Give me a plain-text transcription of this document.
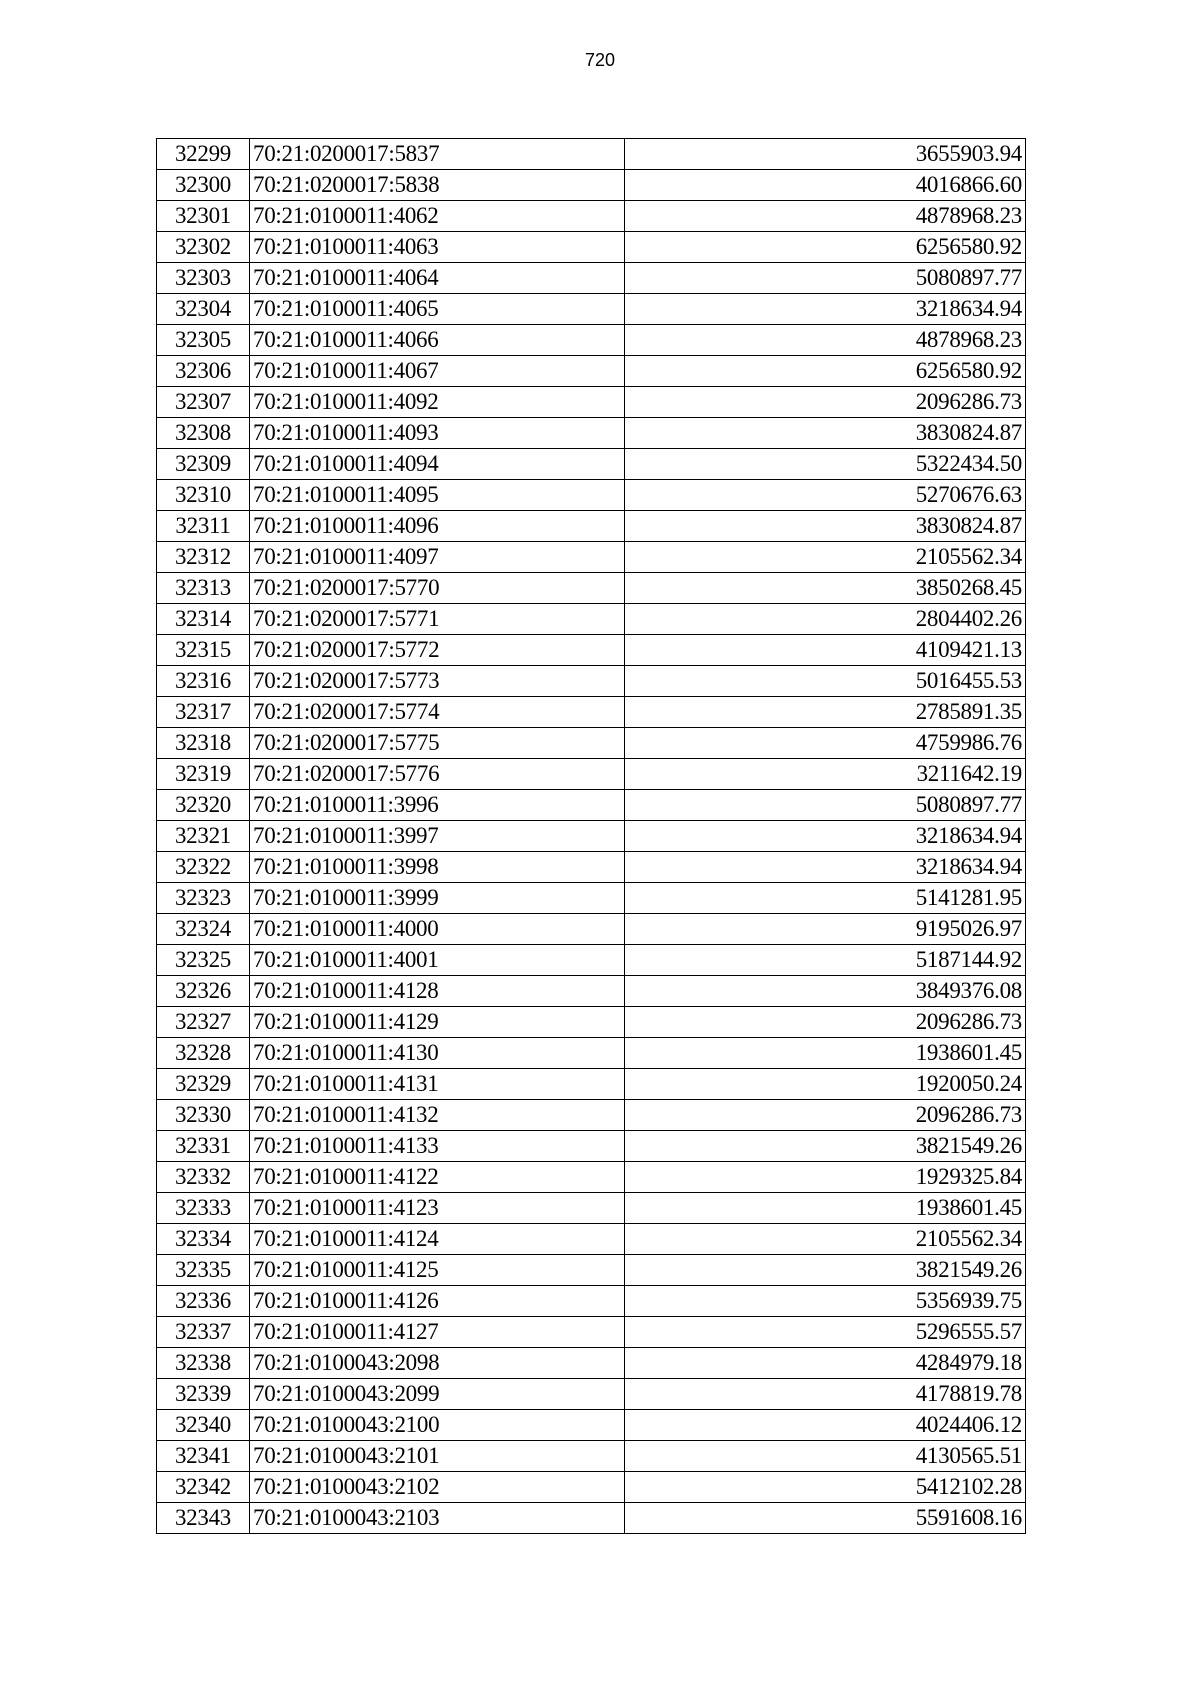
720
32299	70:21:0200017:5837	3655903.94
32300	70:21:0200017:5838	4016866.60
32301	70:21:0100011:4062	4878968.23
32302	70:21:0100011:4063	6256580.92
32303	70:21:0100011:4064	5080897.77
32304	70:21:0100011:4065	3218634.94
32305	70:21:0100011:4066	4878968.23
32306	70:21:0100011:4067	6256580.92
32307	70:21:0100011:4092	2096286.73
32308	70:21:0100011:4093	3830824.87
32309	70:21:0100011:4094	5322434.50
32310	70:21:0100011:4095	5270676.63
32311	70:21:0100011:4096	3830824.87
32312	70:21:0100011:4097	2105562.34
32313	70:21:0200017:5770	3850268.45
32314	70:21:0200017:5771	2804402.26
32315	70:21:0200017:5772	4109421.13
32316	70:21:0200017:5773	5016455.53
32317	70:21:0200017:5774	2785891.35
32318	70:21:0200017:5775	4759986.76
32319	70:21:0200017:5776	3211642.19
32320	70:21:0100011:3996	5080897.77
32321	70:21:0100011:3997	3218634.94
32322	70:21:0100011:3998	3218634.94
32323	70:21:0100011:3999	5141281.95
32324	70:21:0100011:4000	9195026.97
32325	70:21:0100011:4001	5187144.92
32326	70:21:0100011:4128	3849376.08
32327	70:21:0100011:4129	2096286.73
32328	70:21:0100011:4130	1938601.45
32329	70:21:0100011:4131	1920050.24
32330	70:21:0100011:4132	2096286.73
32331	70:21:0100011:4133	3821549.26
32332	70:21:0100011:4122	1929325.84
32333	70:21:0100011:4123	1938601.45
32334	70:21:0100011:4124	2105562.34
32335	70:21:0100011:4125	3821549.26
32336	70:21:0100011:4126	5356939.75
32337	70:21:0100011:4127	5296555.57
32338	70:21:0100043:2098	4284979.18
32339	70:21:0100043:2099	4178819.78
32340	70:21:0100043:2100	4024406.12
32341	70:21:0100043:2101	4130565.51
32342	70:21:0100043:2102	5412102.28
32343	70:21:0100043:2103	5591608.16
